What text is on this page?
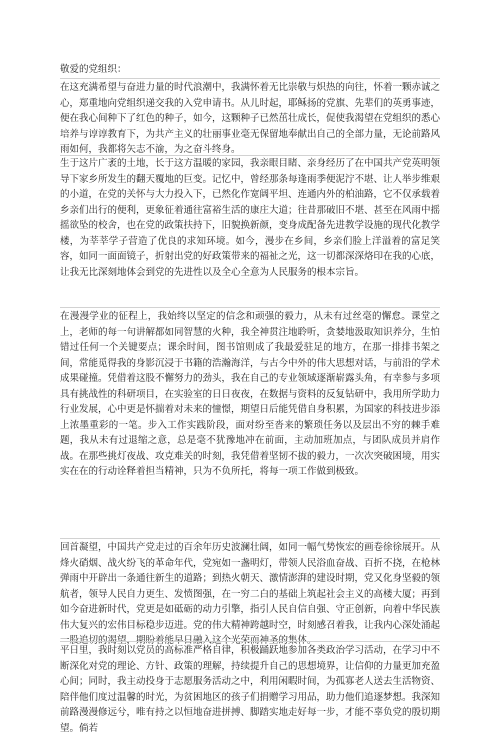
敬爱的党组织：
在这充满希望与奋进力量的时代浪潮中，我满怀着无比崇敬与炽热的向往，怀着一颗赤诚之心，郑重地向党组织递交我的入党申请书。从儿时起，耶稣扬的党旗、先辈们的英勇事迹，便在我心间种下了红色的种子，如今，这颗种子已然茁壮成长，促使我渴望在党组织的悉心培养与谆谆教育下，为共产主义的壮丽事业毫无保留地奉献出自己的全部力量，无论前路风雨如何，我都将矢志不渝，为之奋斗终身。
生于这片广袤的土地，长于这方温暖的家园，我亲眼目睹、亲身经历了在中国共产党英明领导下家乡所发生的翻天覆地的巨变。记忆中，曾经那条每逢雨季便泥泞不堪、让人举步维艰的小道，在党的关怀与大力投入下，已然化作宽阔平坦、连通内外的柏油路，它不仅承载着乡亲们出行的便利，更象征着通往富裕生活的康庄大道；往昔那破旧不堪、甚至在风雨中摇摇欲坠的校舍，也在党的政策扶持下，旧貌换新颜，变身成配备先进教学设施的现代化教学楼，为莘莘学子营造了优良的求知环境。如今，漫步在乡间，乡亲们脸上洋溢着的富足笑容，如同一面面镜子，折射出党的好政策带来的福祉之光，这一切都深深烙印在我的心底，让我无比深刻地体会到党的先进性以及全心全意为人民服务的根本宗旨。
在漫漫学业的征程上，我始终以坚定的信念和顽强的毅力，从未有过丝毫的懈怠。课堂之上，老师的每一句讲解都如同智慧的火种，我全神贯注地聆听，贪婪地汲取知识养分，生怕错过任何一个关键要点；课余时间，图书馆则成了我最爱驻足的地方，在那一排排书架之间，常能觅得我的身影沉浸于书籍的浩瀚海洋，与古今中外的伟大思想对话，与前沿的学术成果碰撞。凭借着这股不懈努力的劲头，我在自己的专业领域逐渐崭露头角，有幸参与多项具有挑战性的科研项目，在实验室的日日夜夜，在数据与资料的反复钻研中，我用所学助力行业发展，心中更是怀揣着对未来的憧憬，期望日后能凭借自身积累，为国家的科技进步添上浓墨重彩的一笔。步入工作实践阶段，面对纷至沓来的繁琐任务以及层出不穷的棘手难题，我从未有过退缩之意，总是毫不犹豫地冲在前面，主动加班加点，与团队成员并肩作战。在那些挑灯夜战、攻克难关的时刻，我凭借着坚韧不拔的毅力，一次次突破困境，用实实在在的行动诠释着担当精神，只为不负所托，将每一项工作做到极致。
回首凝望，中国共产党走过的百余年历史波澜壮阔，如同一幅气势恢宏的画卷徐徐展开。从烽火硝烟、战火纷飞的革命年代，党宛如一盏明灯，带领人民浴血奋战、百折不挠，在枪林弹雨中开辟出一条通往新生的道路；到热火朝天、激情澎湃的建设时期，党又化身坚毅的领航者，领导人民自力更生、发愤图强，在一穷二白的基础上筑起社会主义的高楼大厦；再到如今奋进新时代，党更是如砥砺的动力引擎，指引人民自信自强、守正创新，向着中华民族伟大复兴的宏伟目标稳步迈进。党的伟大精神跨越时空，时刻感召着我，让我内心深处涌起一股追切的渴望，期盼着能早日融入这个光荣而神圣的集体。
平日里，我时刻以党员的高标准严格自律，积极踊跃地参加各类政治学习活动，在学习中不断深化对党的理论、方针、政策的理解，持续提升自己的思想境界，让信仰的力量更加充盈心间；同时，我主动投身于志愿服务活动之中，利用闲暇时间，为孤寡老人送去生活物资、陪伴他们度过温馨的时光，为贫困地区的孩子们捐赠学习用品，助力他们追逐梦想。我深知前路漫漫修远兮，唯有持之以恒地奋进拼搏、脚踏实地走好每一步，才能不辜负党的殷切期望。倘若
